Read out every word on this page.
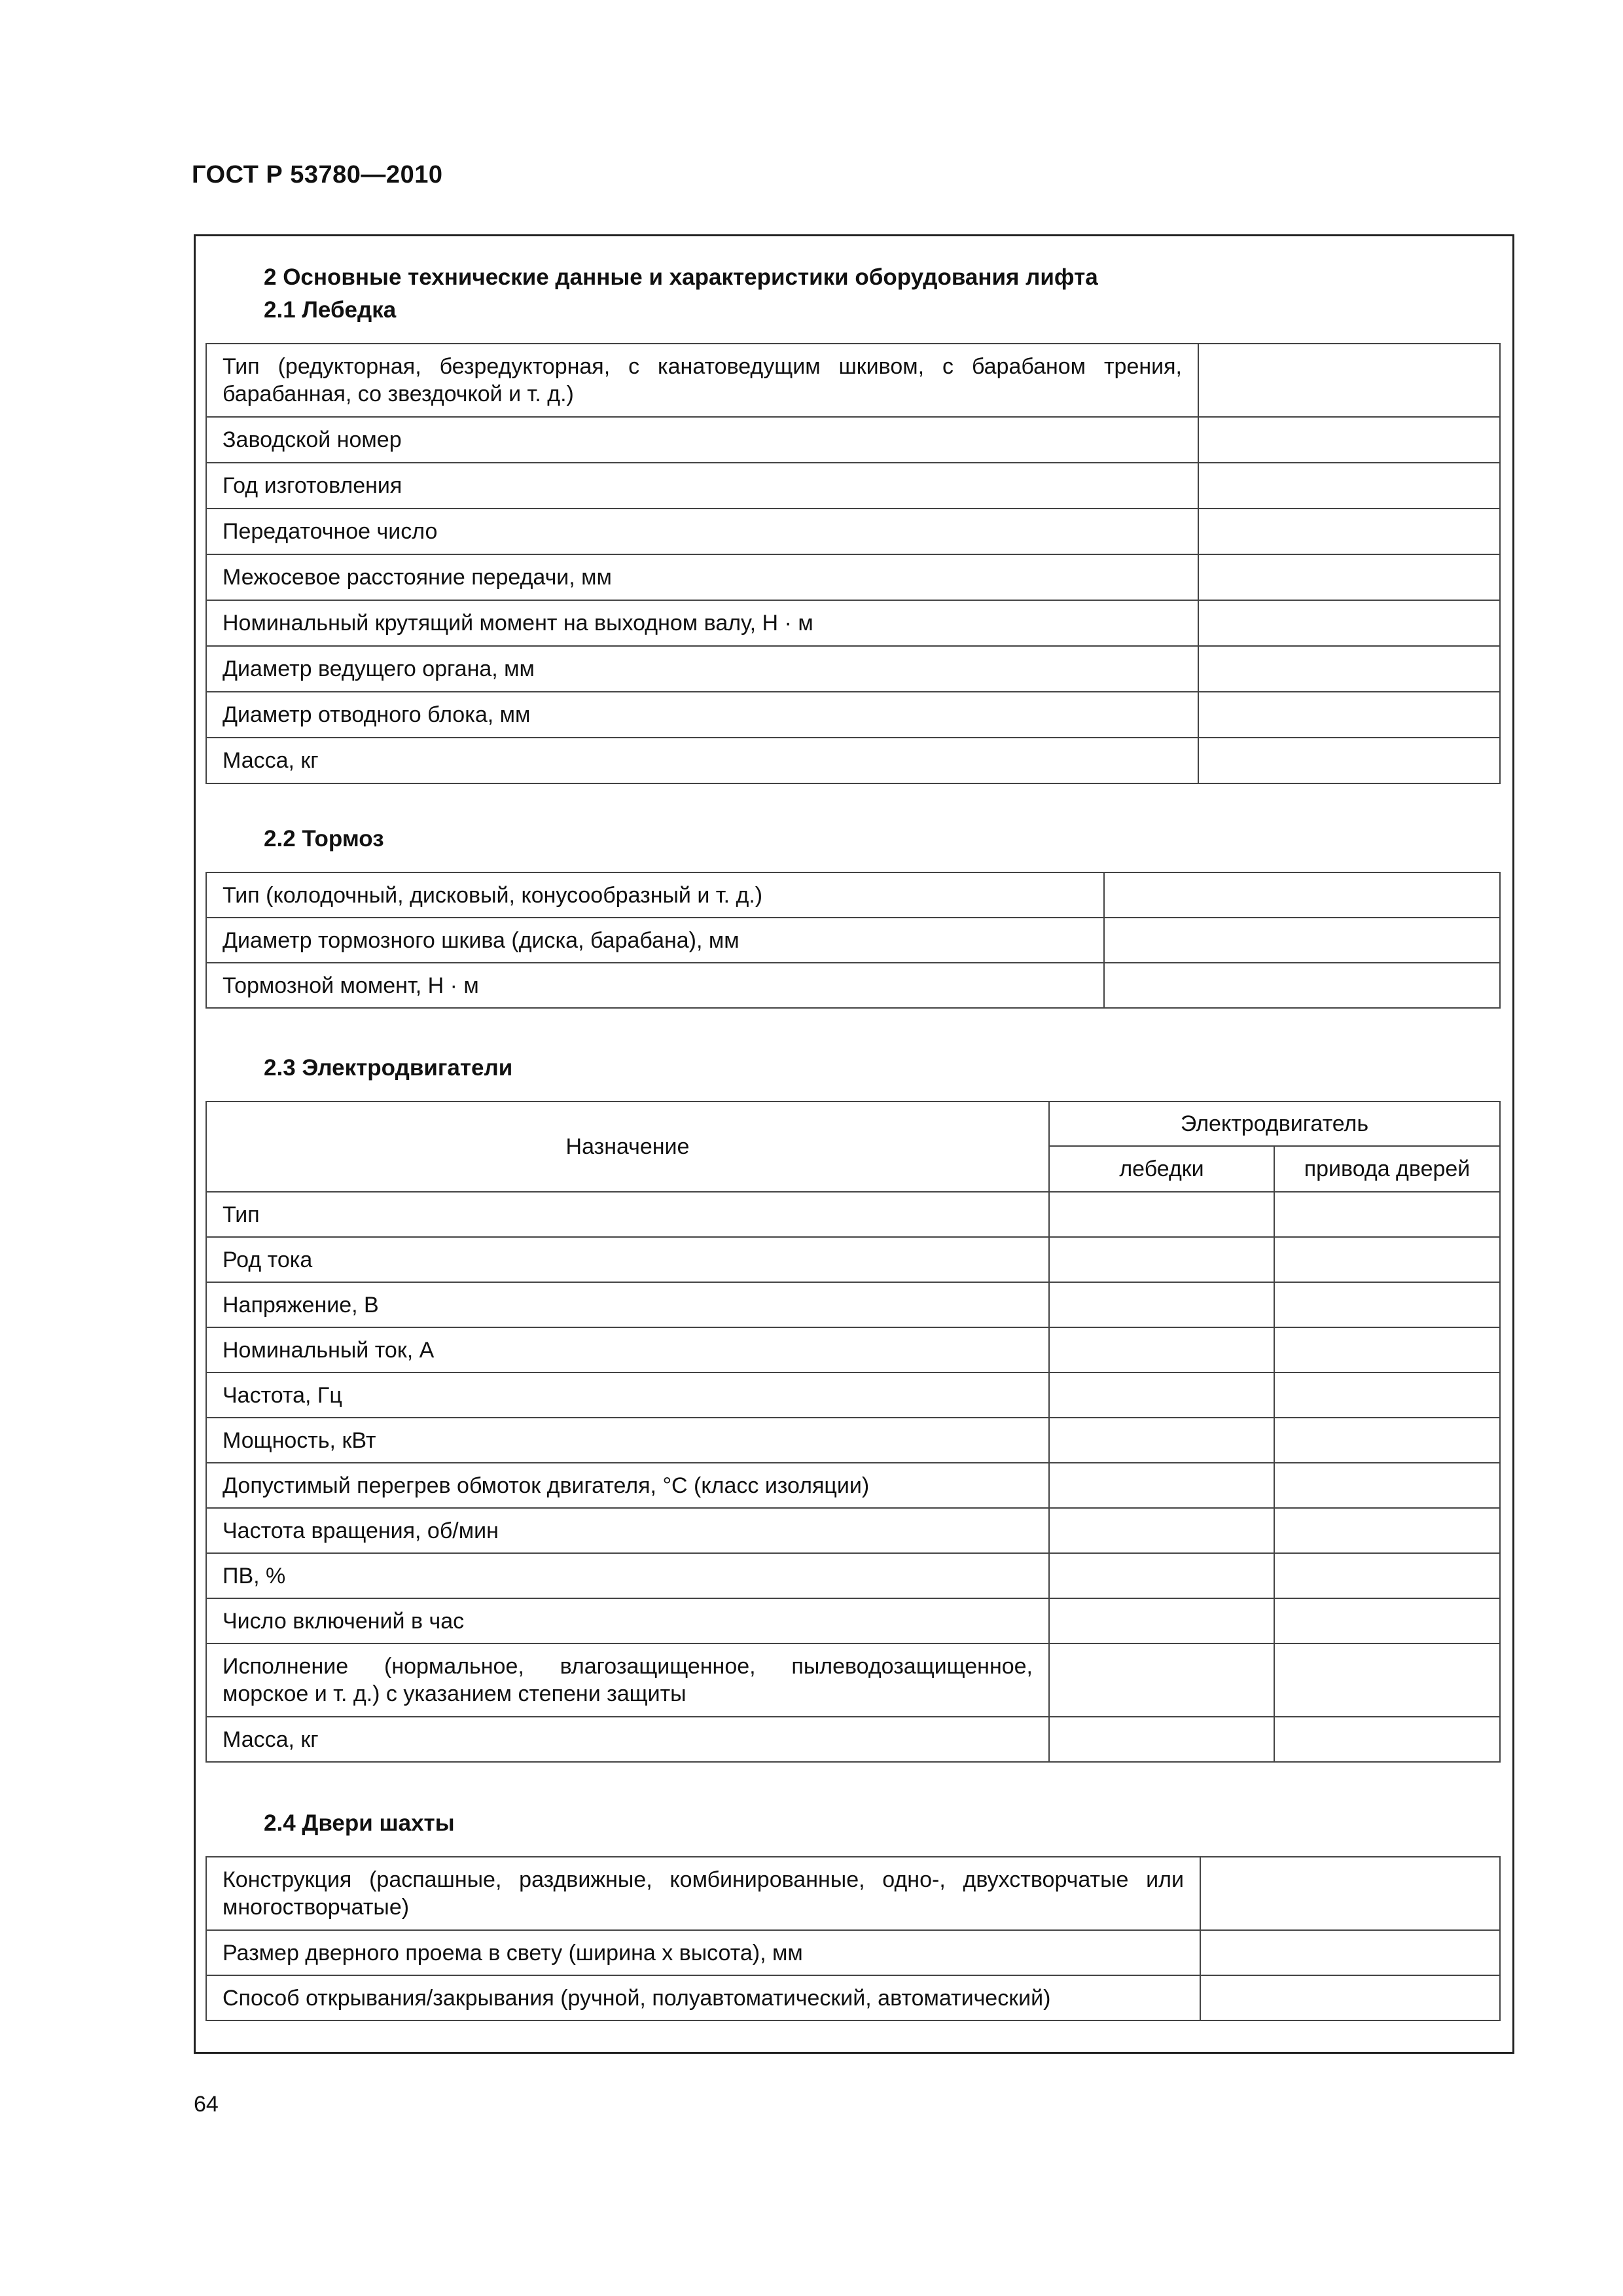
ГОСТ Р 53780—2010
2 Основные технические данные и характеристики оборудования лифта
2.1 Лебедка
Тип (редукторная, безредукторная, с канатоведущим шкивом, с барабаном трения, барабанная, со звездочкой и т. д.)	
Заводской номер	
Год изготовления	
Передаточное число	
Межосевое расстояние передачи, мм	
Номинальный крутящий момент на выходном валу, Н · м	
Диаметр ведущего органа, мм	
Диаметр отводного блока, мм	
Масса, кг	
2.2 Тормоз
Тип (колодочный, дисковый, конусообразный и т. д.)	
Диаметр тормозного шкива (диска, барабана), мм	
Тормозной момент, Н · м	
2.3 Электродвигатели
Назначение	Электродвигатель	
	лебедки	привода дверей
Тип		
Род тока		
Напряжение, В		
Номинальный ток, А		
Частота, Гц		
Мощность, кВт		
Допустимый перегрев обмоток двигателя, °С (класс изоляции)		
Частота вращения, об/мин		
ПВ, %		
Число включений в час		
Исполнение (нормальное, влагозащищенное, пылеводозащищенное, морское и т. д.) с указанием степени защиты		
Масса, кг		
2.4 Двери шахты
Конструкция (распашные, раздвижные, комбинированные, одно-, двухстворчатые или многостворчатые)	
Размер дверного проема в свету (ширина х высота), мм	
Способ открывания/закрывания (ручной, полуавтоматический, автоматический)	
64
